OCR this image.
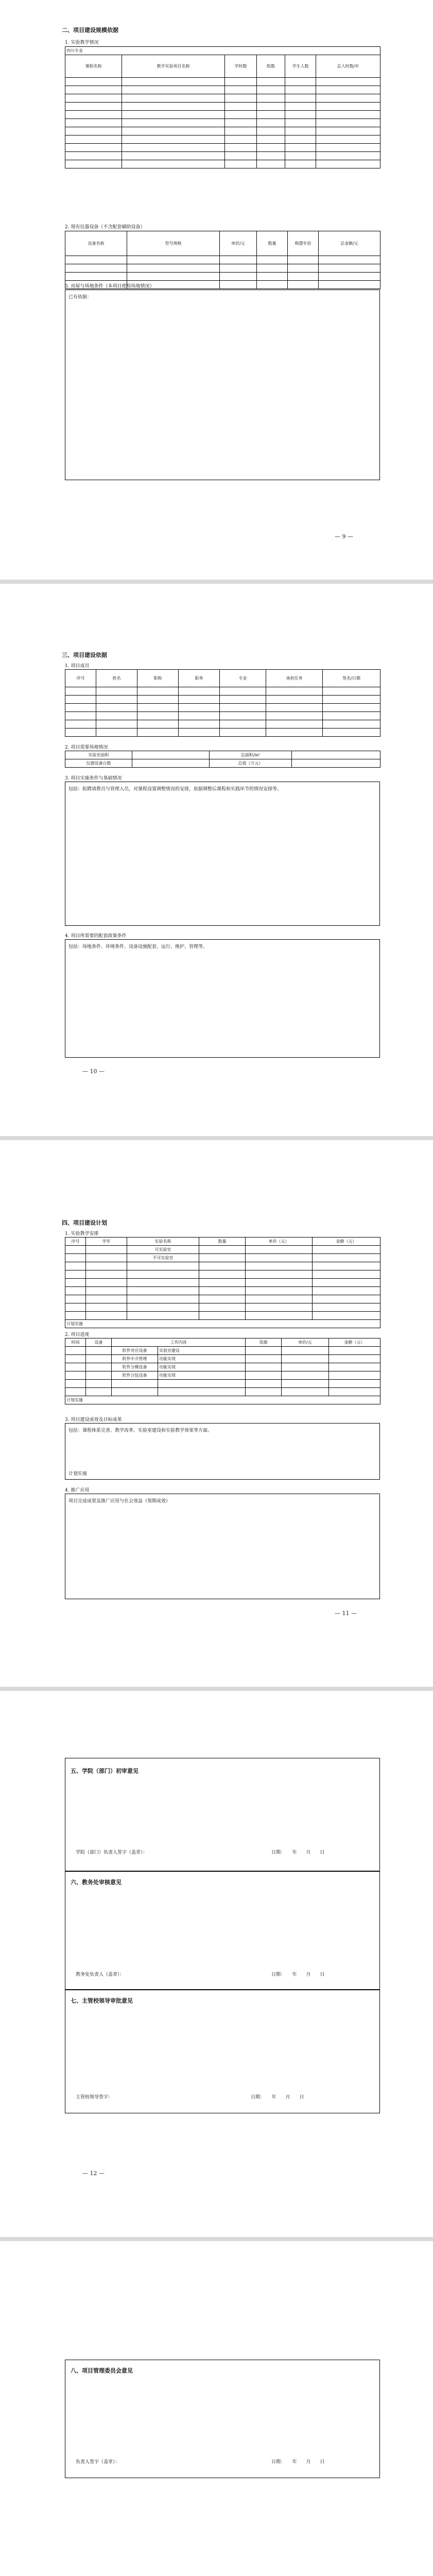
二、项目建设规模依据
1. 实验教学情况
四川专业					
课程名称	教学实验项目名称	学时数	组数	学生人数	总人时数/年

2. 现有仪器设备（不含配套辅助设备）
设备名称	型号规格	单价/元	数量	购置年份	总金额/元

3. 房屋与场地条件（本项目使用场地情况）
已有依据：
— 9 —
三、项目建设依据
1. 项目成员
序号	姓名	职称	职务	专业	承担任务	签名/日期

2. 项目需要场地情况
实验室面积		总面积/m²	
仪器设备台数		总值（万元）	
3. 项目实施条件与基础情况
包括：拟聘请教员与管理人员，对课程设置调整情况的安排，依据调整后课程和实践环节的情况安排等。
4. 项目所需要的配套政策条件
包括：场地条件、环境条件、设备设施配套、运行、维护、管理等。
— 10 —
四、项目建设计划
1. 实验教学安排
序号	学年	实验名称	数量	单价（元）	金额（元）
		可实验室			
		不可实验室			

计划实施					
2. 项目进度
时间	设备	工作内容		资源	单价/元	金额（元）
		软件对应设备	实验室建设			
		软件中介管理	功能实现			
		软件分模设备	功能实现			
		软件分包设备	功能实现			

计划实施						
3. 项目建设成效及目标成果
包括：课程体系完善、教学改革、实验室建设和实验教学效果等方面。
计划实施
4. 推广应用
项目完成成果及推广应用与社会效益（预期成效）
— 11 —
五、学院（部门）初审意见
学院（部门）负责人签字（盖章）：	日期：　　年　　月　　日
六、教务处审核意见
教务处负责人（盖章）：	日期：　　年　　月　　日
七、主管校领导审批意见
主管校领导签字：	日期：　　年　　月　　日
— 12 —
八、项目管理委员会意见
负责人签字（盖章）：	日期：　　年　　月　　日
